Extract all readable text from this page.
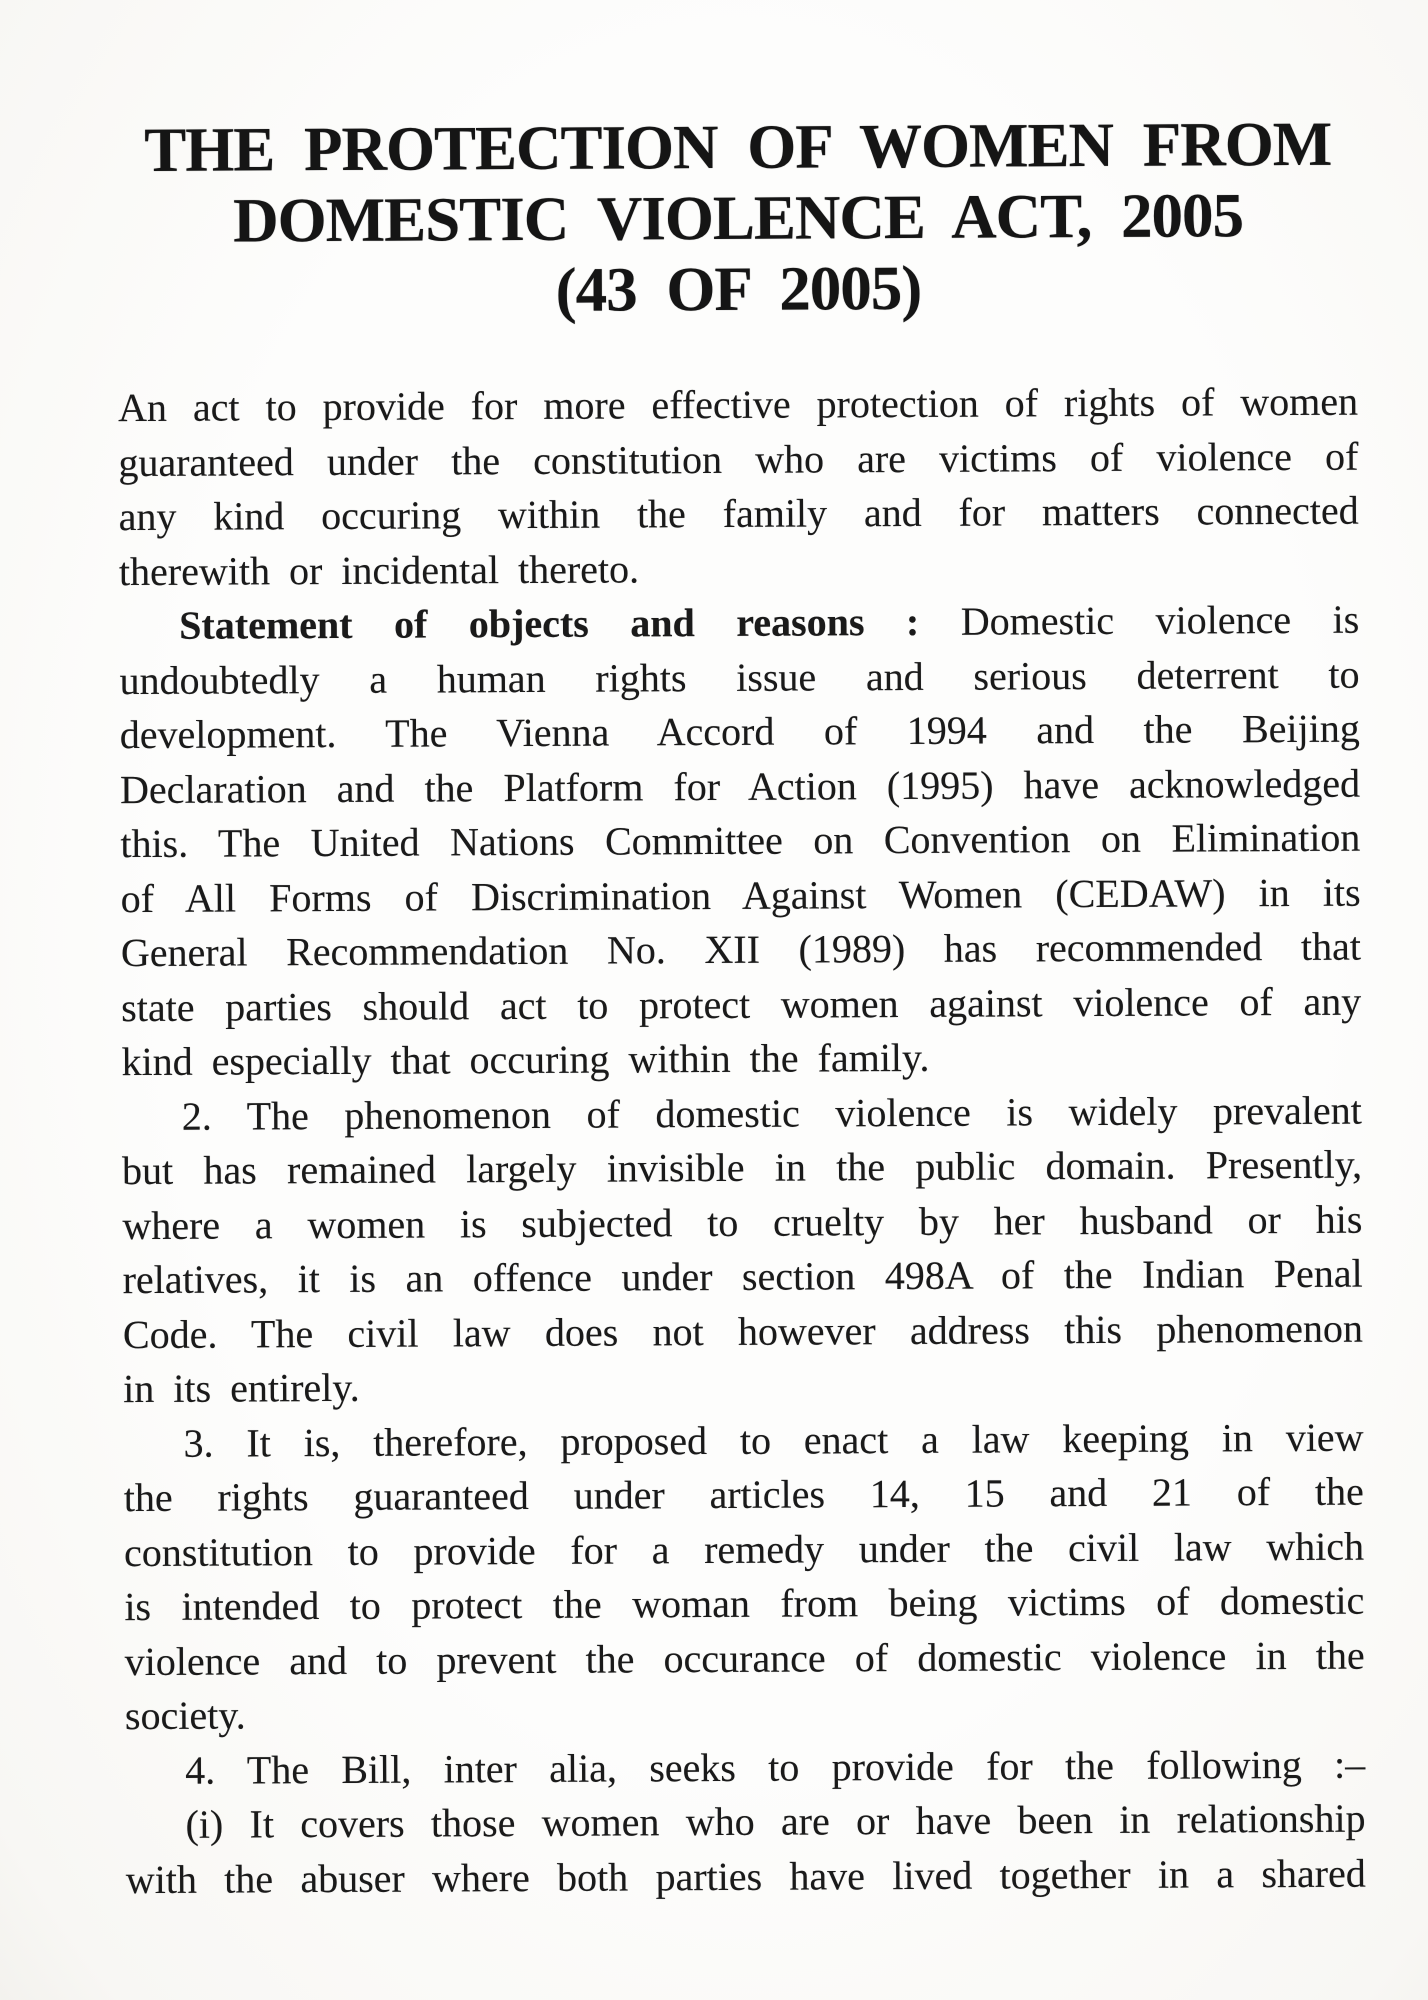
THE PROTECTION OF WOMEN FROM
DOMESTIC VIOLENCE ACT, 2005
(43 OF 2005)
An act to provide for more effective protection of rights of women
guaranteed under the constitution who are victims of violence of
any kind occuring within the family and for matters connected
therewith or incidental thereto.
Statement of objects and reasons : Domestic violence is
undoubtedly a human rights issue and serious deterrent to
development. The Vienna Accord of 1994 and the Beijing
Declaration and the Platform for Action (1995) have acknowledged
this. The United Nations Committee on Convention on Elimination
of All Forms of Discrimination Against Women (CEDAW) in its
General Recommendation No. XII (1989) has recommended that
state parties should act to protect women against violence of any
kind especially that occuring within the family.
2. The phenomenon of domestic violence is widely prevalent
but has remained largely invisible in the public domain. Presently,
where a women is subjected to cruelty by her husband or his
relatives, it is an offence under section 498A of the Indian Penal
Code. The civil law does not however address this phenomenon
in its entirely.
3. It is, therefore, proposed to enact a law keeping in view
the rights guaranteed under articles 14, 15 and 21 of the
constitution to provide for a remedy under the civil law which
is intended to protect the woman from being victims of domestic
violence and to prevent the occurance of domestic violence in the
society.
4. The Bill, inter alia, seeks to provide for the following :–
(i) It covers those women who are or have been in relationship
with the abuser where both parties have lived together in a shared
